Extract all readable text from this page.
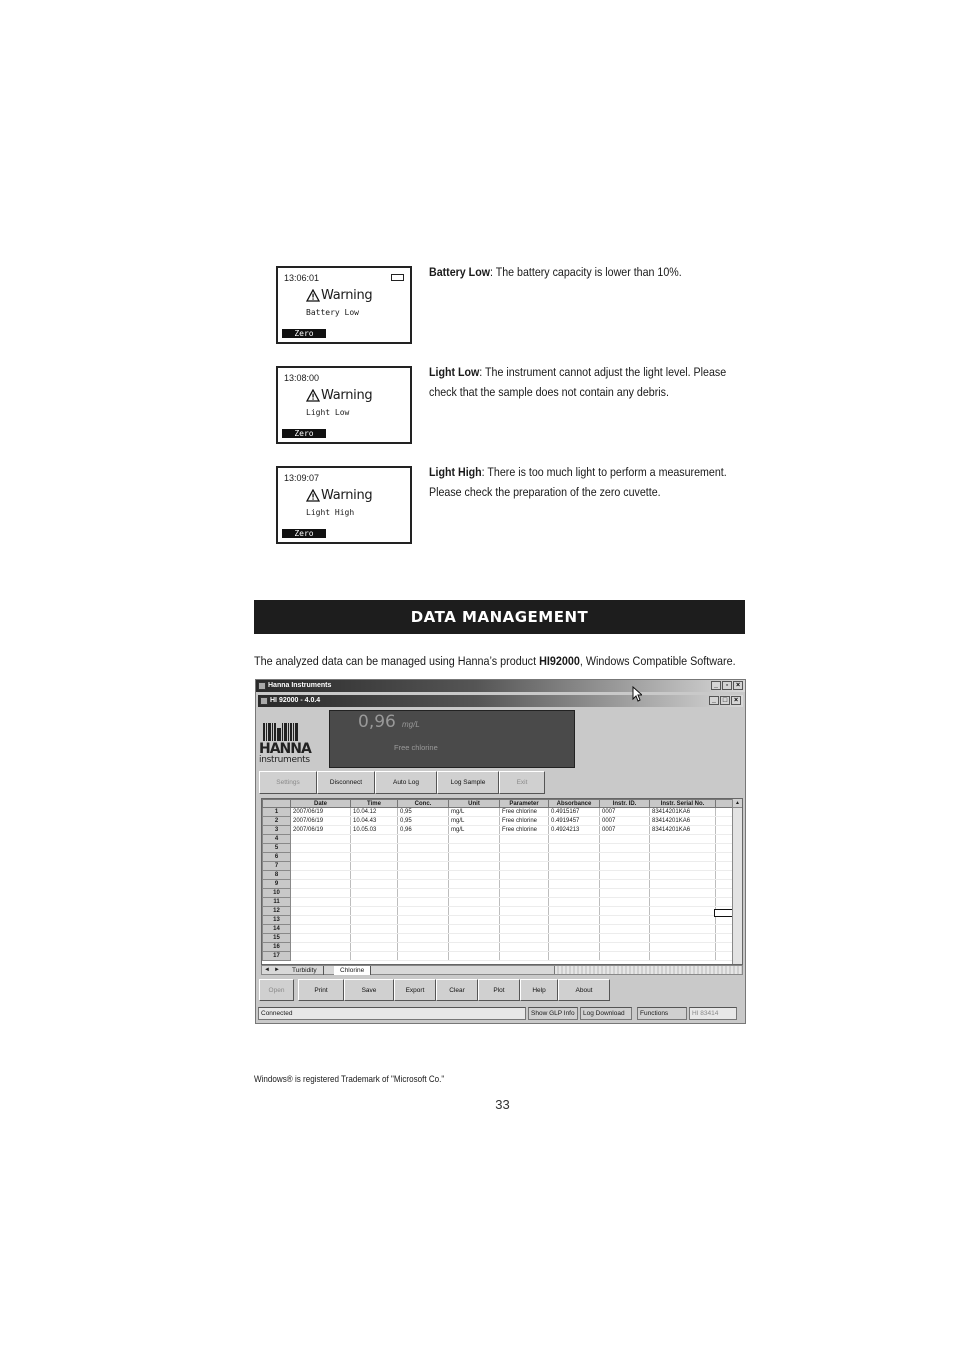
13:06:01
Warning
Battery Low
Zero
Battery Low: The battery capacity is lower than 10%.
13:08:00
Warning
Light Low
Zero
Light Low: The instrument cannot adjust the light level. Please check that the sample does not contain any debris.
13:09:07
Warning
Light High
Zero
Light High: There is too much light to perform a measurement. Please check the preparation of the zero cuvette.
DATA MANAGEMENT
The analyzed data can be managed using Hanna’s product HI92000, Windows Compatible Software.
Hanna Instruments	_	▫	×
HI 92000 - 4.0.4	_ □ ×
HANNA
instruments
0,96 mg/L
Free chlorine
Settings	Disconnect	Auto Log	Log Sample	Exit
	Date	Time	Conc.	Unit	Parameter	Absorbance	Instr. ID.	Instr. Serial No.	
1	2007/06/19	10.04.12	0,95	mg/L	Free chlorine	0.4915167	0007	83414201KA6	
2	2007/06/19	10.04.43	0,95	mg/L	Free chlorine	0.4919457	0007	83414201KA6	
3	2007/06/19	10.05.03	0,96	mg/L	Free chlorine	0.4924213	0007	83414201KA6	
4									
5									
6									
7									
8									
9									
10									
11									
12									
13									
14									
15									
16									
17									
▲
◄ ►	Turbidity	Chlorine
Open	Print	Save	Export	Clear	Plot	Help	About
Connected	Show GLP Info	Log Download	Functions	HI 83414
Windows® is registered Trademark of "Microsoft Co."
33
